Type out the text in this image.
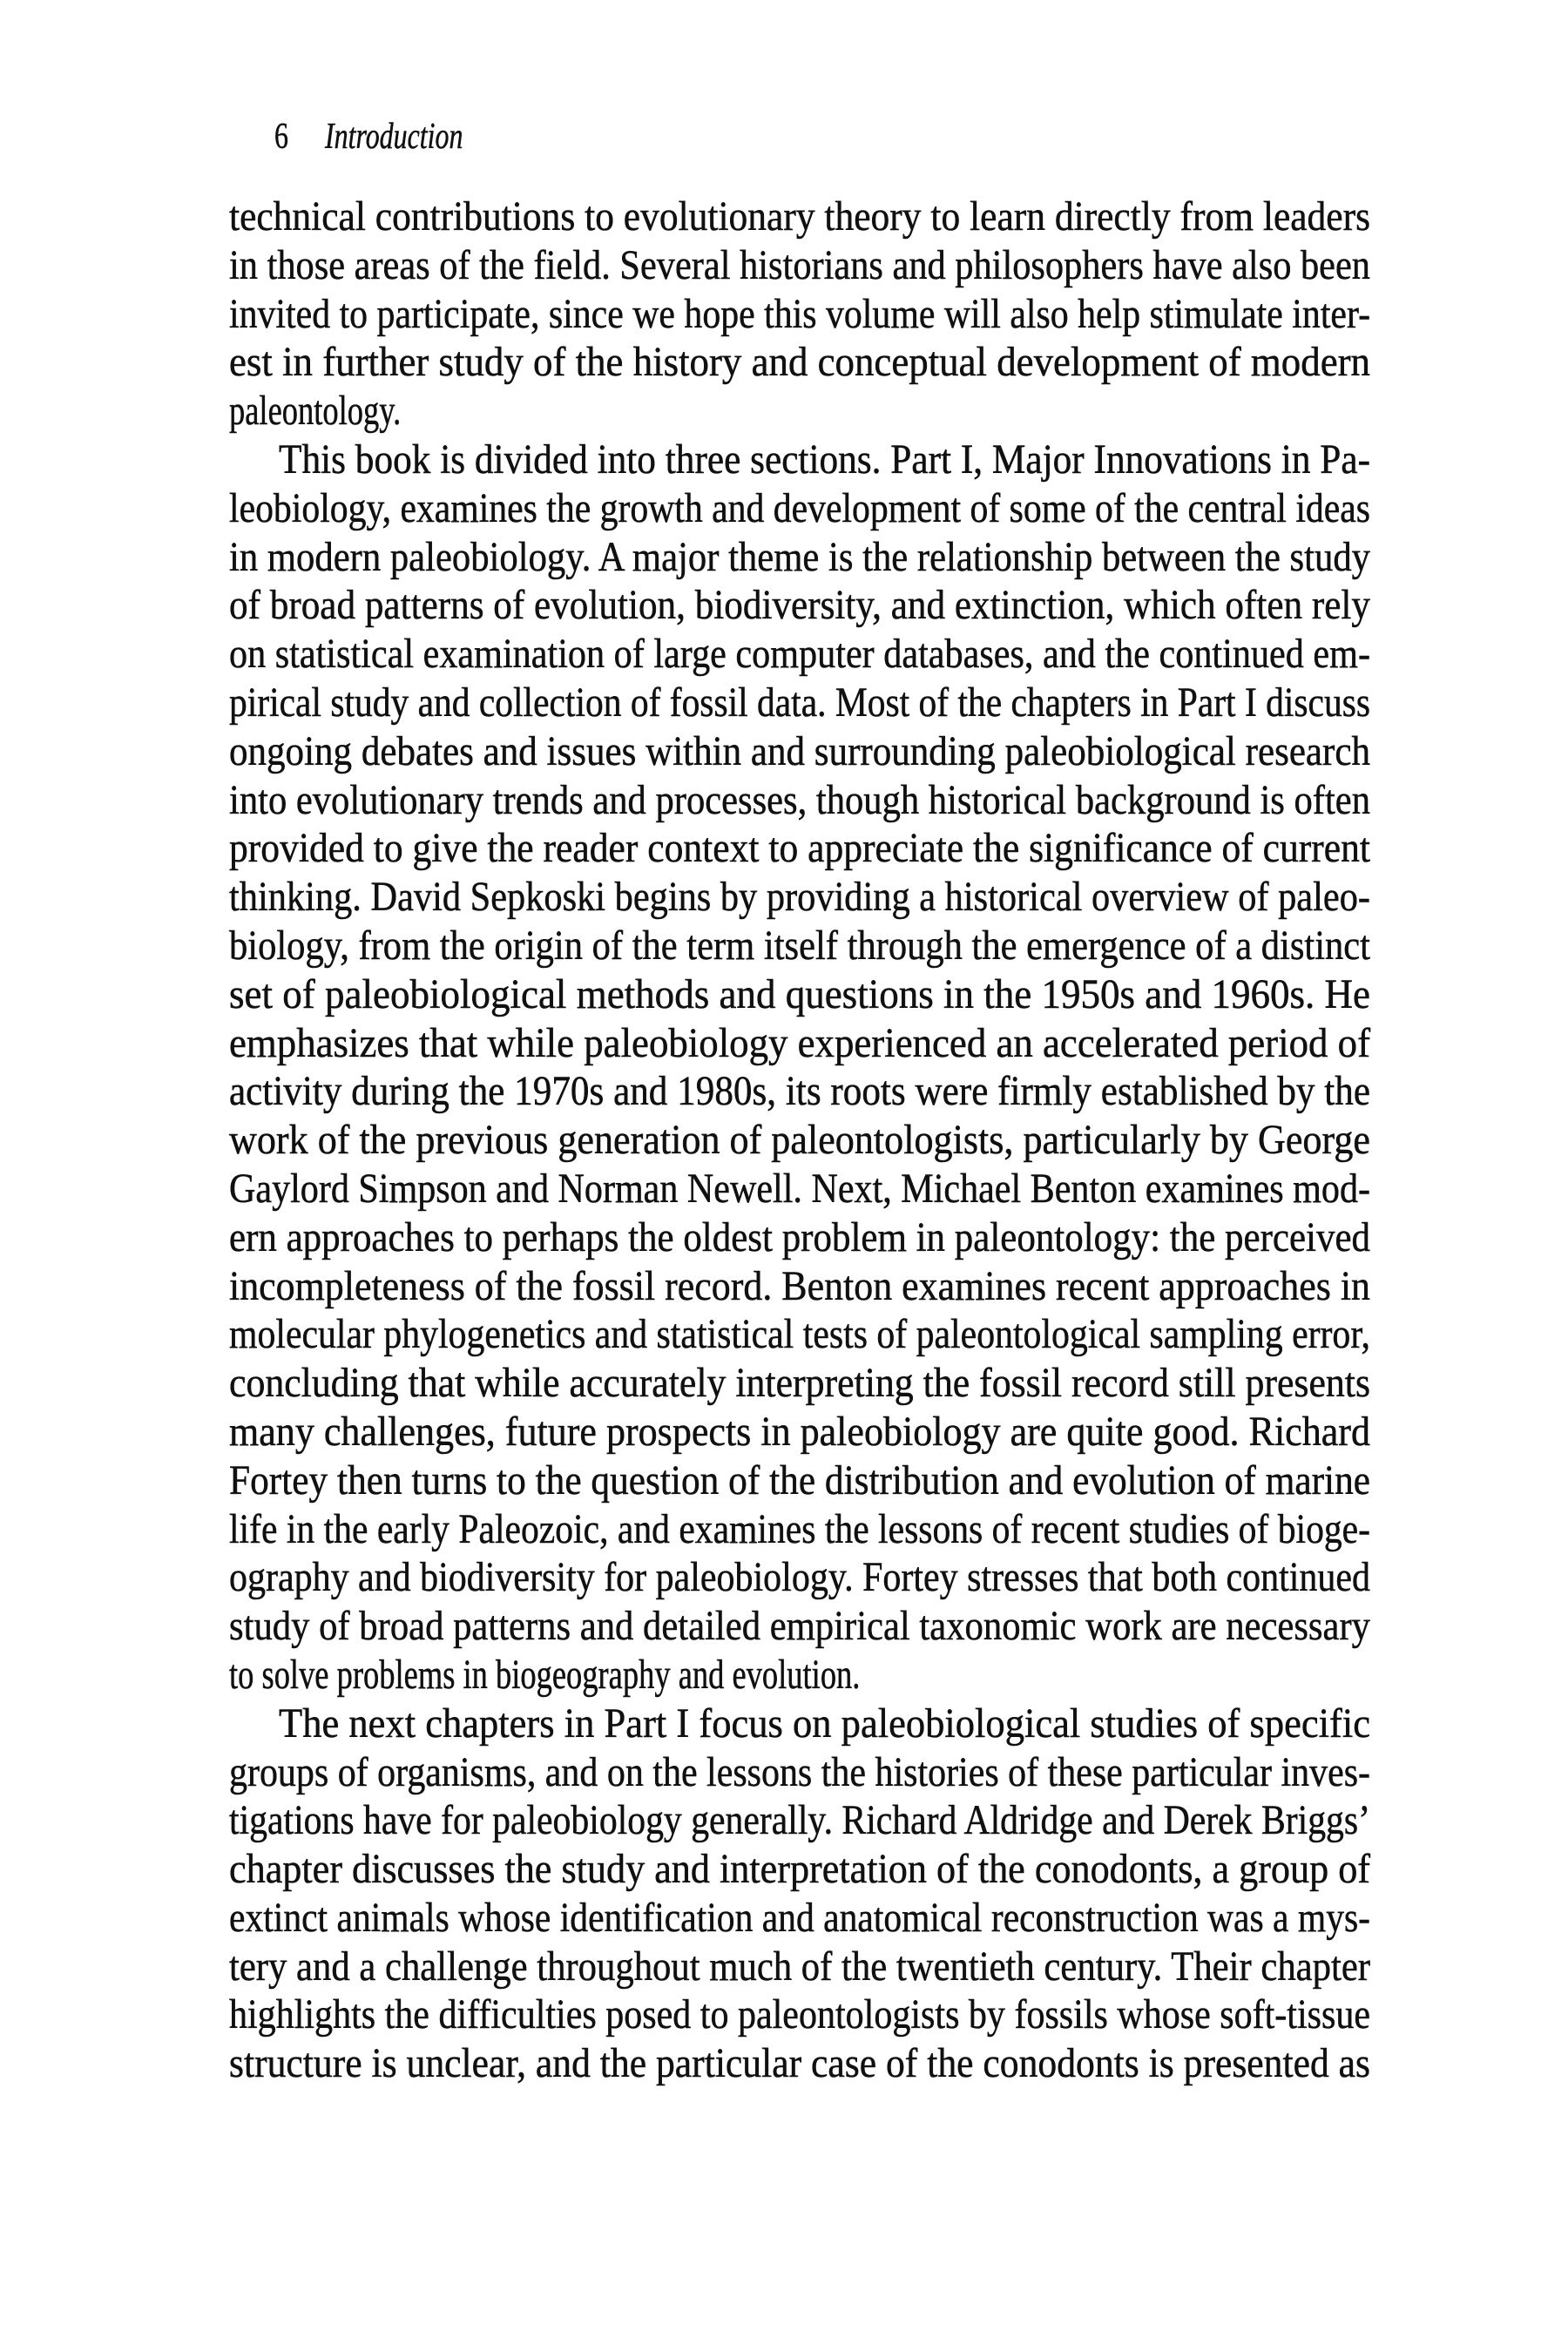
6 Introduction
technical contributions to evolutionary theory to learn directly from leaders
in those areas of the field. Several historians and philosophers have also been
invited to participate, since we hope this volume will also help stimulate inter-
est in further study of the history and conceptual development of modern
paleontology.
This book is divided into three sections. Part I, Major Innovations in Pa-
leobiology, examines the growth and development of some of the central ideas
in modern paleobiology. A major theme is the relationship between the study
of broad patterns of evolution, biodiversity, and extinction, which often rely
on statistical examination of large computer databases, and the continued em-
pirical study and collection of fossil data. Most of the chapters in Part I discuss
ongoing debates and issues within and surrounding paleobiological research
into evolutionary trends and processes, though historical background is often
provided to give the reader context to appreciate the significance of current
thinking. David Sepkoski begins by providing a historical overview of paleo-
biology, from the origin of the term itself through the emergence of a distinct
set of paleobiological methods and questions in the 1950s and 1960s. He
emphasizes that while paleobiology experienced an accelerated period of
activity during the 1970s and 1980s, its roots were firmly established by the
work of the previous generation of paleontologists, particularly by George
Gaylord Simpson and Norman Newell. Next, Michael Benton examines mod-
ern approaches to perhaps the oldest problem in paleontology: the perceived
incompleteness of the fossil record. Benton examines recent approaches in
molecular phylogenetics and statistical tests of paleontological sampling error,
concluding that while accurately interpreting the fossil record still presents
many challenges, future prospects in paleobiology are quite good. Richard
Fortey then turns to the question of the distribution and evolution of marine
life in the early Paleozoic, and examines the lessons of recent studies of bioge-
ography and biodiversity for paleobiology. Fortey stresses that both continued
study of broad patterns and detailed empirical taxonomic work are necessary
to solve problems in biogeography and evolution.
The next chapters in Part I focus on paleobiological studies of specific
groups of organisms, and on the lessons the histories of these particular inves-
tigations have for paleobiology generally. Richard Aldridge and Derek Briggs’
chapter discusses the study and interpretation of the conodonts, a group of
extinct animals whose identification and anatomical reconstruction was a mys-
tery and a challenge throughout much of the twentieth century. Their chapter
highlights the difficulties posed to paleontologists by fossils whose soft-tissue
structure is unclear, and the particular case of the conodonts is presented as
